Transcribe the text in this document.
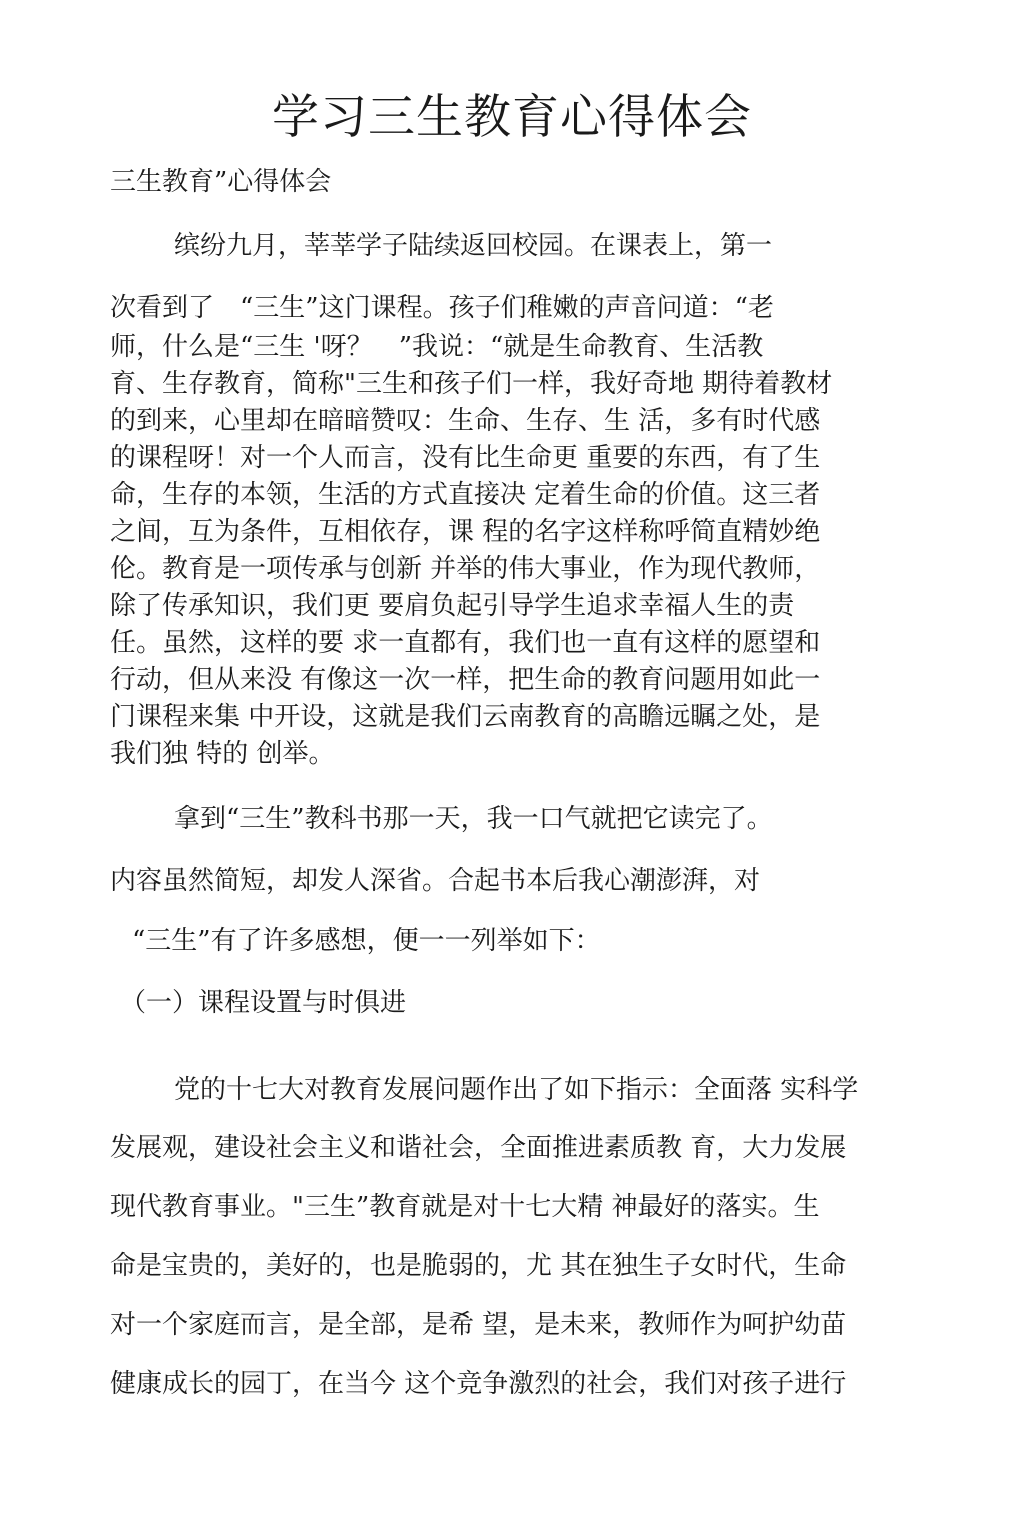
学习三生教育心得体会
三生教育”心得体会
缤纷九月，莘莘学子陆续返回校园。在课表上，第一
次看到了　“三生”这门课程。孩子们稚嫩的声音问道：“老
师，什么是“三生 '呀？　”我说：“就是生命教育、生活教
育、生存教育，简称"三生和孩子们一样，我好奇地 期待着教材
的到来，心里却在暗暗赞叹：生命、生存、生 活，多有时代感
的课程呀！对一个人而言，没有比生命更 重要的东西，有了生
命，生存的本领，生活的方式直接决 定着生命的价值。这三者
之间，互为条件，互相依存，课 程的名字这样称呼简直精妙绝
伦。教育是一项传承与创新 并举的伟大事业，作为现代教师，
除了传承知识，我们更 要肩负起引导学生追求幸福人生的责
任。虽然，这样的要 求一直都有，我们也一直有这样的愿望和
行动，但从来没 有像这一次一样，把生命的教育问题用如此一
门课程来集 中开设，这就是我们云南教育的高瞻远瞩之处，是
我们独 特的 创举。
拿到“三生”教科书那一天，我一口气就把它读完了。
内容虽然简短，却发人深省。合起书本后我心潮澎湃，对
“三生”有了许多感想，便一一列举如下：
（一）课程设置与时俱进
党的十七大对教育发展问题作出了如下指示：全面落 实科学
发展观，建设社会主义和谐社会，全面推进素质教 育，大力发展
现代教育事业。"三生”教育就是对十七大精 神最好的落实。生
命是宝贵的，美好的，也是脆弱的，尤 其在独生子女时代，生命
对一个家庭而言，是全部，是希 望，是未来，教师作为呵护幼苗
健康成长的园丁，在当今 这个竞争激烈的社会，我们对孩子进行
